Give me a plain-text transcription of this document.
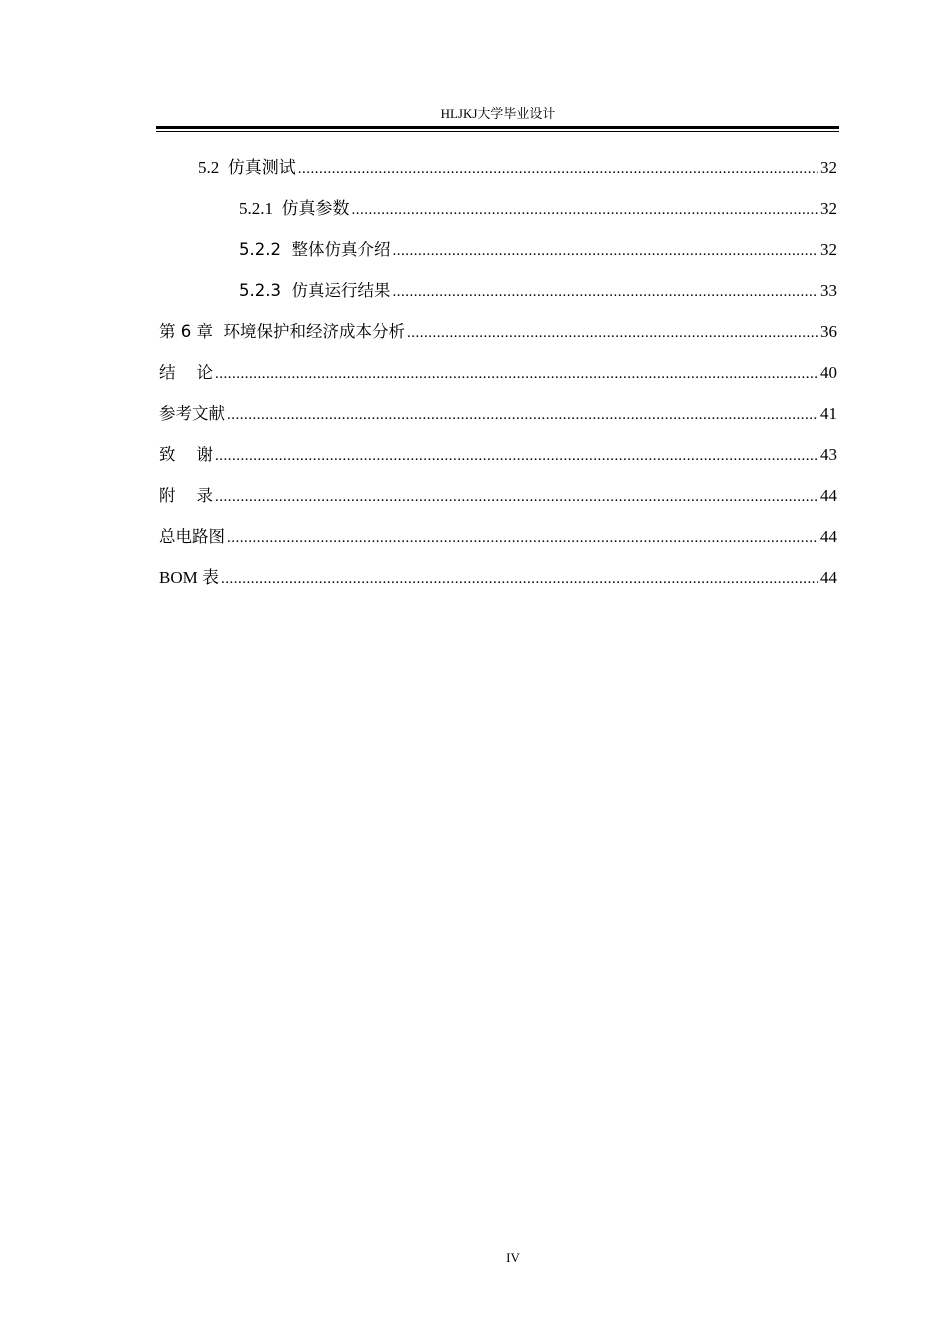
HLJKJ大学毕业设计
5.2  仿真测试 .....	32
5.2.1  仿真参数 .....	32
5.2.2  整体仿真介绍 .....	32
5.2.3  仿真运行结果 .....	33
第 6 章  环境保护和经济成本分析 .....	36
结    论 .....	40
参考文献 .....	41
致    谢 .....	43
附    录 .....	44
总电路图 .....	44
BOM 表 .....	44
IV
